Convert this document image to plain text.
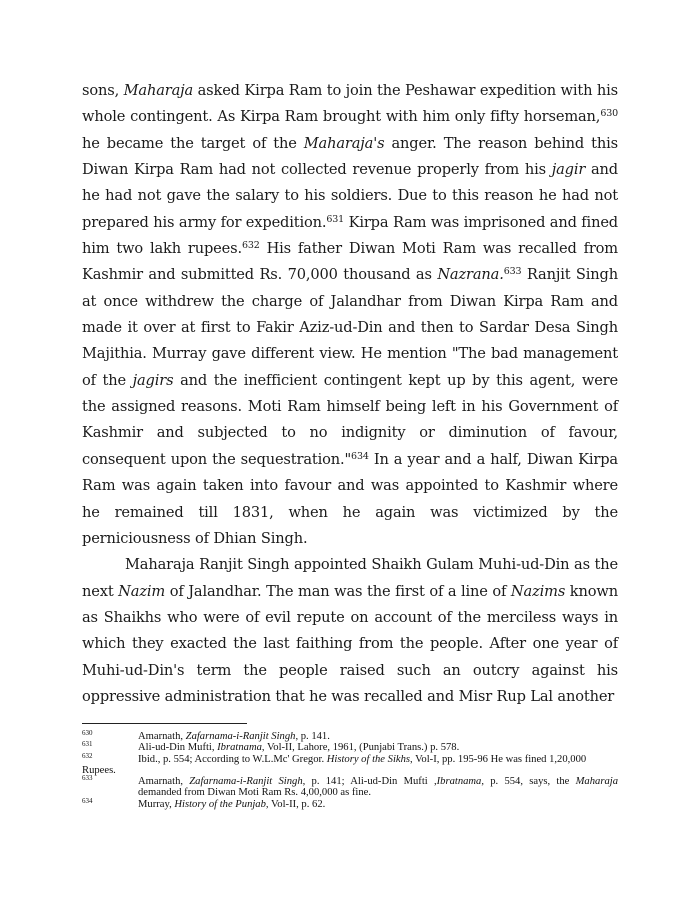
sons, Maharaja asked Kirpa Ram to join the Peshawar expedition with his whole contingent. As Kirpa Ram brought with him only fifty horseman,$^{630}$ he became the target of the Maharaja's anger. The reason behind this Diwan Kirpa Ram had not collected revenue properly from his jagir and he had not gave the salary to his soldiers. Due to this reason he had not prepared his army for expedition.$^{631}$ Kirpa Ram was imprisoned and fined him two lakh rupees.$^{632}$ His father Diwan Moti Ram was recalled from Kashmir and submitted Rs. 70,000 thousand as Nazrana.$^{633}$ Ranjit Singh at once withdrew the charge of Jalandhar from Diwan Kirpa Ram and made it over at first to Fakir Aziz-ud-Din and then to Sardar Desa Singh Majithia. Murray gave different view. He mention "The bad management of the jagirs and the inefficient contingent kept up by this agent, were the assigned reasons. Moti Ram himself being left in his Government of Kashmir and subjected to no indignity or diminution of favour, consequent upon the sequestration."$^{634}$ In a year and a half, Diwan Kirpa Ram was again taken into favour and was appointed to Kashmir where he remained till 1831, when he again was victimized by the perniciousness of Dhian Singh.

Maharaja Ranjit Singh appointed Shaikh Gulam Muhi-ud-Din as the next Nazim of Jalandhar. The man was the first of a line of Nazims known as Shaikhs who were of evil repute on account of the merciless ways in which they exacted the last faithing from the people. After one year of Muhi-ud-Din's term the people raised such an outcry against his oppressive administration that he was recalled and Misr Rup Lal another

630	Amarnath, Zafarnama-i-Ranjit Singh, p. 141.
631	Ali-ud-Din Mufti, Ibratnama, Vol-II, Lahore, 1961, (Punjabi Trans.) p. 578.
632	Ibid., p. 554; According to W.L.Mc' Gregor. History of the Sikhs, Vol-I, pp. 195-96 He was fined 1,20,000
Rupees.
633	Amarnath, Zafarnama-i-Ranjit Singh, p. 141; Ali-ud-Din Mufti ,Ibratnama, p. 554, says, the Maharaja demanded from Diwan Moti Ram Rs. 4,00,000 as fine.
634	Murray, History of the Punjab, Vol-II, p. 62.
